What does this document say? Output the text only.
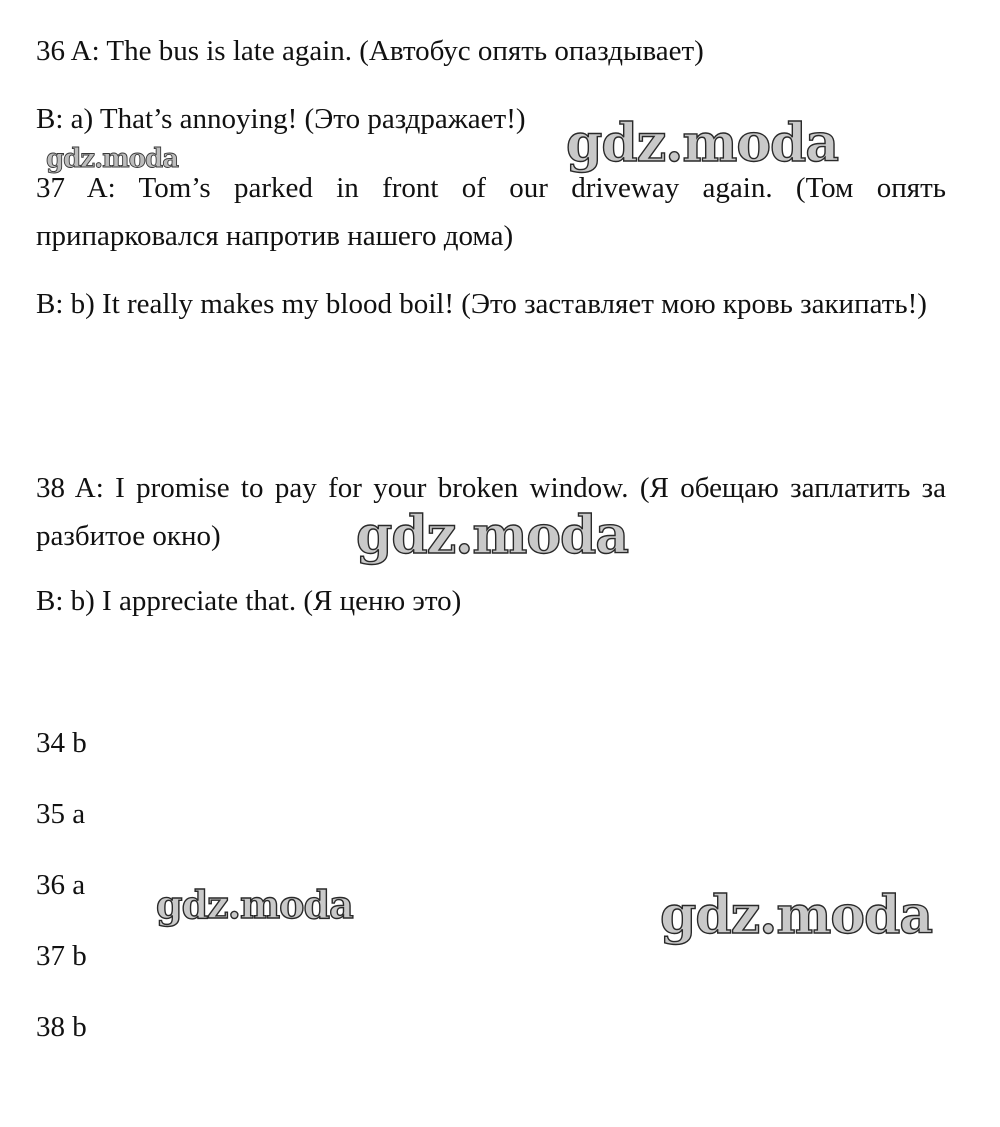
36 A: The bus is late again. (Автобус опять опаздывает)
B: a) That’s annoying! (Это раздражает!)
37 A: Tom’s parked in front of our driveway again. (Том опять припарковался напротив нашего дома)
B: b) It really makes my blood boil! (Это заставляет мою кровь закипать!)
38 A: I promise to pay for your broken window. (Я обещаю заплатить за разбитое окно)
B: b) I appreciate that. (Я ценю это)
34 b
35 a
36 a
37 b
38 b
gdz.moda
gdz.moda
gdz.moda
gdz.moda	gdz.moda
